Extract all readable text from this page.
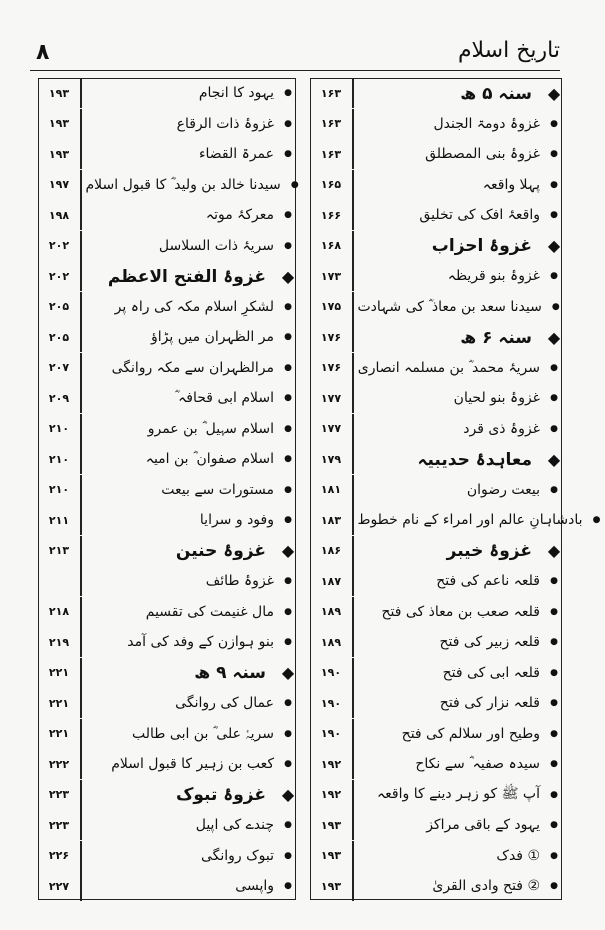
تاریخ اسلام
۸
۱۹۳	یہود کا انجام	●
۱۹۳	غزوۂ ذات الرقاع	●
۱۹۳	عمرۃ القضاء	●
۱۹۷	سیدنا خالد بن ولید ؓ کا قبول اسلام	●
۱۹۸	معرکۂ موتہ	●
۲۰۲	سریۂ ذات السلاسل	●
۲۰۲	غزوۂ الفتح الاعظم ◆
۲۰۵	لشکرِ اسلام مکہ کی راہ پر	●
۲۰۵	مر الظہران میں پڑاؤ	●
۲۰۷	مرالظہران سے مکہ روانگی	●
۲۰۹	اسلام ابی قحافہ ؓ	●
۲۱۰	اسلام سہیل ؓ بن عمرو	●
۲۱۰	اسلام صفوان ؓ بن امیہ	●
۲۱۰	مستورات سے بیعت	●
۲۱۱	وفود و سرایا	●
۲۱۳	غزوۂ حنین ◆
غزوۂ طائف	●
۲۱۸	مال غنیمت کی تقسیم	●
۲۱۹	بنو ہوازن کے وفد کی آمد	●
۲۲۱	سنہ ۹ ھ ◆
۲۲۱	عمال کی روانگی	●
۲۲۱	سریۂ علی ؓ بن ابی طالب	●
۲۲۲	کعب بن زہیر کا قبول اسلام	●
۲۲۳	غزوۂ تبوک ◆
۲۲۳	چندے کی اپیل	●
۲۲۶	تبوک روانگی	●
۲۲۷	واپسی	●
۱۶۳	سنہ ۵ ھ ◆
۱۶۳	غزوۂ دومۃ الجندل	●
۱۶۳	غزوۂ بنی المصطلق	●
۱۶۵	پہلا واقعہ	●
۱۶۶	واقعۂ افک کی تخلیق	●
۱۶۸	غزوۂ احزاب ◆
۱۷۳	غزوۂ بنو قریظہ	●
۱۷۵	سیدنا سعد بن معاذ ؓ کی شہادت	●
۱۷۶	سنہ ۶ ھ ◆
۱۷۶	سریۂ محمد ؓ بن مسلمہ انصاری	●
۱۷۷	غزوۂ بنو لحیان	●
۱۷۷	غزوۂ ذی قرد	●
۱۷۹	معاہدۂ حدیبیہ ◆
۱۸۱	بیعت رضوان	●
۱۸۳	بادشاہانِ عالم اور امراء کے نام خطوط	●
۱۸۶	غزوۂ خیبر ◆
۱۸۷	قلعہ ناعم کی فتح	●
۱۸۹	قلعہ صعب بن معاذ کی فتح	●
۱۸۹	قلعہ زبیر کی فتح	●
۱۹۰	قلعہ ابی کی فتح	●
۱۹۰	قلعہ نزار کی فتح	●
۱۹۰	وطیح اور سلالم کی فتح	●
۱۹۲	سیدہ صفیہ ؓ سے نکاح	●
۱۹۲	آپ ﷺ کو زہر دینے کا واقعہ	●
۱۹۳	یہود کے باقی مراکز	●
۱۹۳	① فدک	●
۱۹۳	② فتح وادی القریٰ	●
